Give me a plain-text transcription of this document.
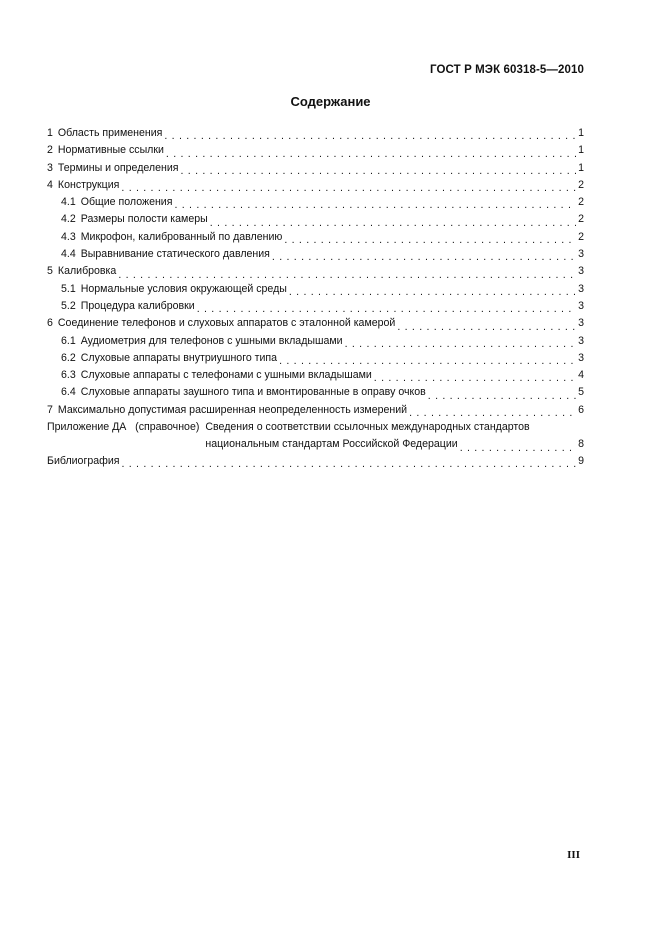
ГОСТ Р МЭК 60318-5—2010
Содержание
1 Область применения . . .	1
2 Нормативные ссылки . . .	1
3 Термины и определения . . .	1
4 Конструкция . . .	2
4.1 Общие положения . . .	2
4.2 Размеры полости камеры . . .	2
4.3 Микрофон, калиброванный по давлению . . .	2
4.4 Выравнивание статического давления . . .	3
5 Калибровка . . .	3
5.1 Нормальные условия окружающей среды . . .	3
5.2 Процедура калибровки . . .	3
6 Соединение телефонов и слуховых аппаратов с эталонной камерой . . .	3
6.1 Аудиометрия для телефонов с ушными вкладышами . . .	3
6.2 Слуховые аппараты внутриушного типа . . .	3
6.3 Слуховые аппараты с телефонами с ушными вкладышами . . .	4
6.4 Слуховые аппараты заушного типа и вмонтированные в оправу очков . . .	5
7 Максимально допустимая расширенная неопределенность измерений . . .	6
Приложение ДА
(справочное) Сведения о соответствии ссылочных международных стандартов
национальным стандартам Российской Федерации . . .	8
Библиография . . .	9
III
